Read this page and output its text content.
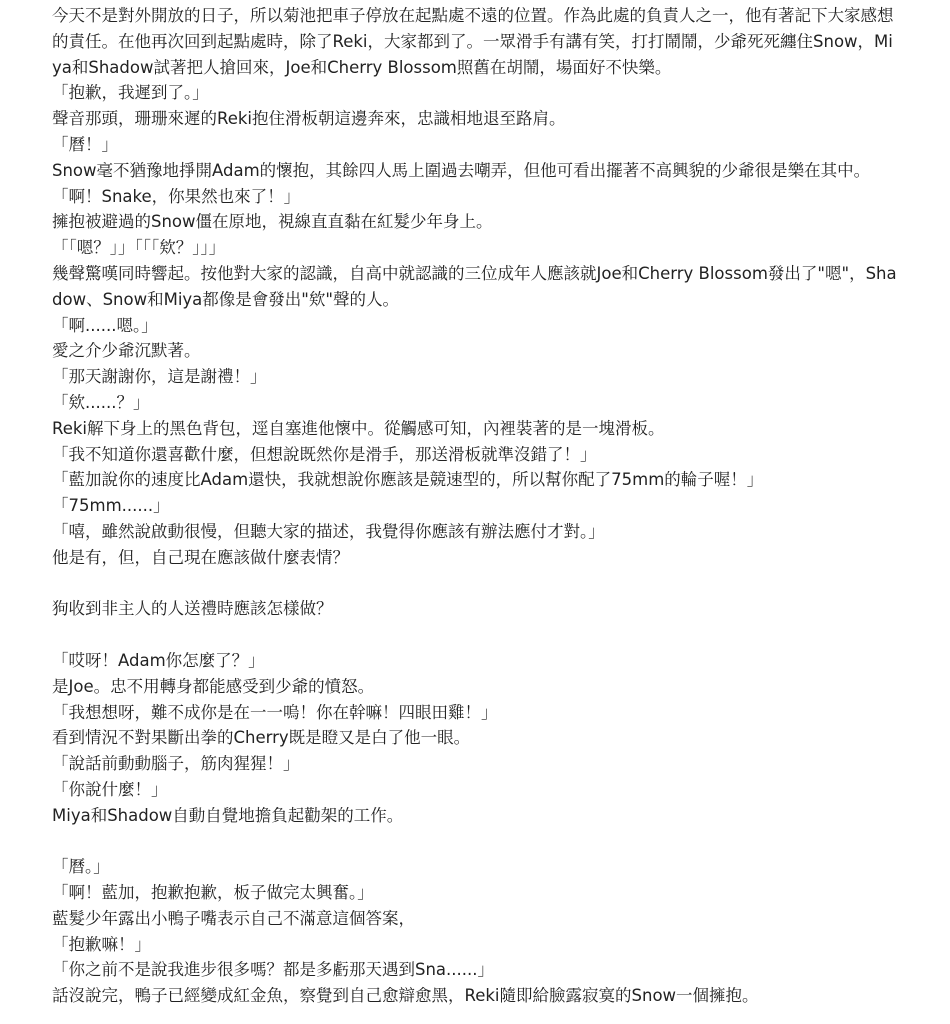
今天不是對外開放的日子，所以菊池把車子停放在起點處不遠的位置。作為此處的負責人之一，他有著記下大家感想的責任。在他再次回到起點處時，除了Reki，大家都到了。一眾滑手有講有笑，打打鬧鬧，少爺死死纏住Snow，Miya和Shadow試著把人搶回來，Joe和Cherry Blossom照舊在胡鬧，場面好不快樂。

「抱歉，我遲到了。」

聲音那頭，珊珊來遲的Reki抱住滑板朝這邊奔來，忠識相地退至路肩。

「曆！」

Snow毫不猶豫地掙開Adam的懷抱，其餘四人馬上圍過去嘲弄，但他可看出擺著不高興貌的少爺很是樂在其中。

「啊！Snake，你果然也來了！」

擁抱被避過的Snow僵在原地，視線直直黏在紅髮少年身上。

「「嗯？」」「「「欸？」」」

幾聲驚嘆同時響起。按他對大家的認識，自高中就認識的三位成年人應該就Joe和Cherry Blossom發出了"嗯"，Shadow、Snow和Miya都像是會發出"欸"聲的人。

「啊......嗯。」

愛之介少爺沉默著。

「那天謝謝你，這是謝禮！」

「欸......？」

Reki解下身上的黑色背包，逕自塞進他懷中。從觸感可知，內裡裝著的是一塊滑板。

「我不知道你還喜歡什麼，但想說既然你是滑手，那送滑板就準沒錯了！」

「藍加說你的速度比Adam還快，我就想說你應該是競速型的，所以幫你配了75mm的輪子喔！」

「75mm......」

「嘻，雖然說啟動很慢，但聽大家的描述，我覺得你應該有辦法應付才對。」

他是有，但，自己現在應該做什麼表情？

狗收到非主人的人送禮時應該怎樣做？

「哎呀！Adam你怎麼了？」

是Joe。忠不用轉身都能感受到少爺的憤怒。

「我想想呀，難不成你是在一一嗚！你在幹嘛！四眼田雞！」

看到情況不對果斷出拳的Cherry既是瞪又是白了他一眼。

「說話前動動腦子，筋肉猩猩！」

「你說什麼！」

Miya和Shadow自動自覺地擔負起勸架的工作。

「曆。」

「啊！藍加，抱歉抱歉，板子做完太興奮。」

藍髮少年露出小鴨子嘴表示自己不滿意這個答案，

「抱歉嘛！」

「你之前不是說我進步很多嗎？都是多虧那天遇到Sna......」

話沒說完，鴨子已經變成紅金魚，察覺到自己愈辯愈黑，Reki隨即給臉露寂寞的Snow一個擁抱。
